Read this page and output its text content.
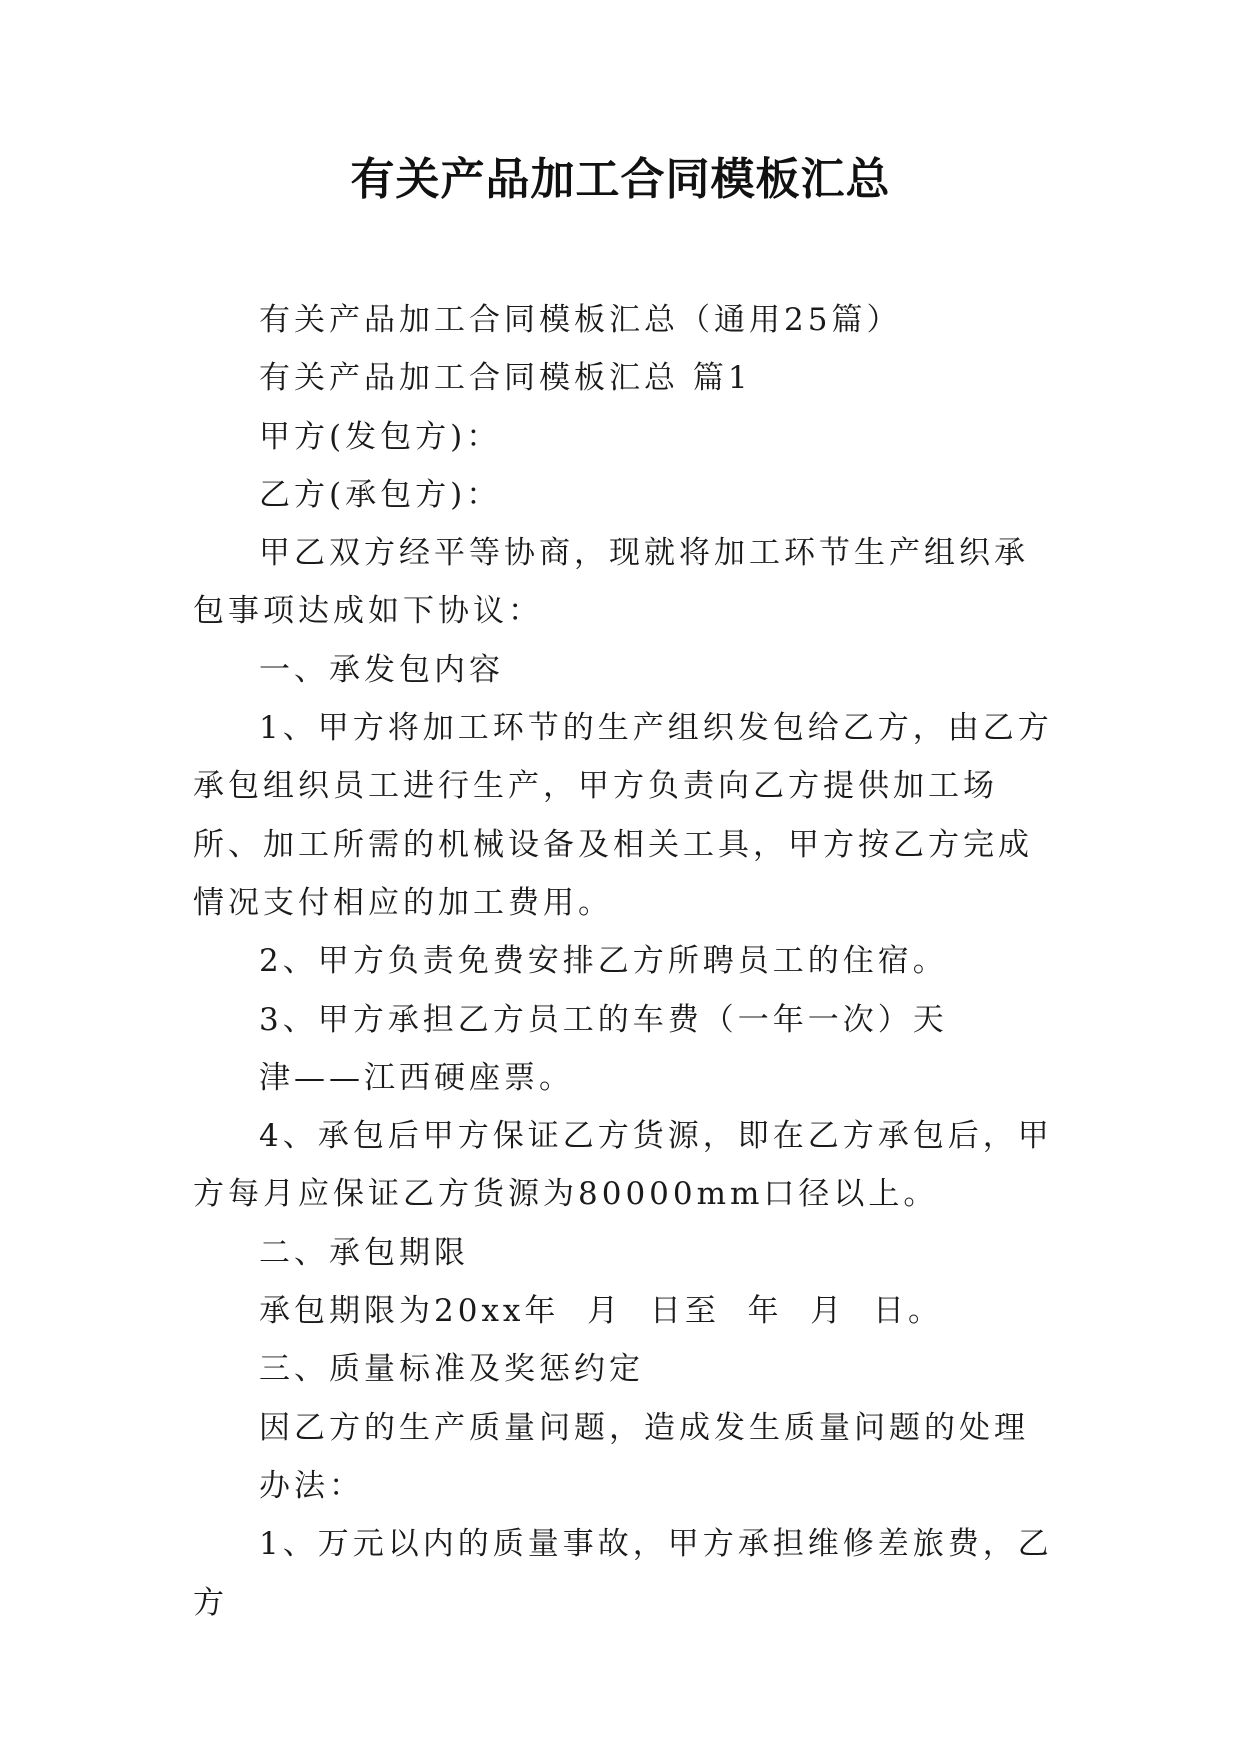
有关产品加工合同模板汇总

有关产品加工合同模板汇总（通用25篇）

有关产品加工合同模板汇总 篇1

甲方(发包方)：

乙方(承包方)：

甲乙双方经平等协商，现就将加工环节生产组织承包事项达成如下协议：

一、承发包内容

1、甲方将加工环节的生产组织发包给乙方，由乙方承包组织员工进行生产，甲方负责向乙方提供加工场所、加工所需的机械设备及相关工具，甲方按乙方完成情况支付相应的加工费用。

2、甲方负责免费安排乙方所聘员工的住宿。

3、甲方承担乙方员工的车费（一年一次）天

津——江西硬座票。

4、承包后甲方保证乙方货源，即在乙方承包后，甲方每月应保证乙方货源为80000mm口径以上。

二、承包期限

承包期限为20xx年  月  日至  年  月  日。

三、质量标准及奖惩约定

因乙方的生产质量问题，造成发生质量问题的处理

办法：

1、万元以内的质量事故，甲方承担维修差旅费，乙方
